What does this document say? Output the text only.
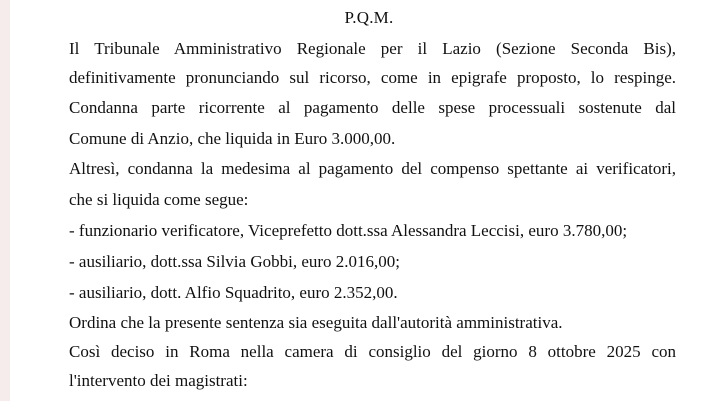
P.Q.M.
Il Tribunale Amministrativo Regionale per il Lazio (Sezione Seconda Bis),
definitivamente pronunciando sul ricorso, come in epigrafe proposto, lo respinge.
Condanna parte ricorrente al pagamento delle spese processuali sostenute dal
Comune di Anzio, che liquida in Euro 3.000,00.
Altresì, condanna la medesima al pagamento del compenso spettante ai verificatori,
che si liquida come segue:
- funzionario verificatore, Viceprefetto dott.ssa Alessandra Leccisi, euro 3.780,00;
- ausiliario, dott.ssa Silvia Gobbi, euro 2.016,00;
- ausiliario, dott. Alfio Squadrito, euro 2.352,00.
Ordina che la presente sentenza sia eseguita dall'autorità amministrativa.
Così deciso in Roma nella camera di consiglio del giorno 8 ottobre 2025 con
l'intervento dei magistrati:
